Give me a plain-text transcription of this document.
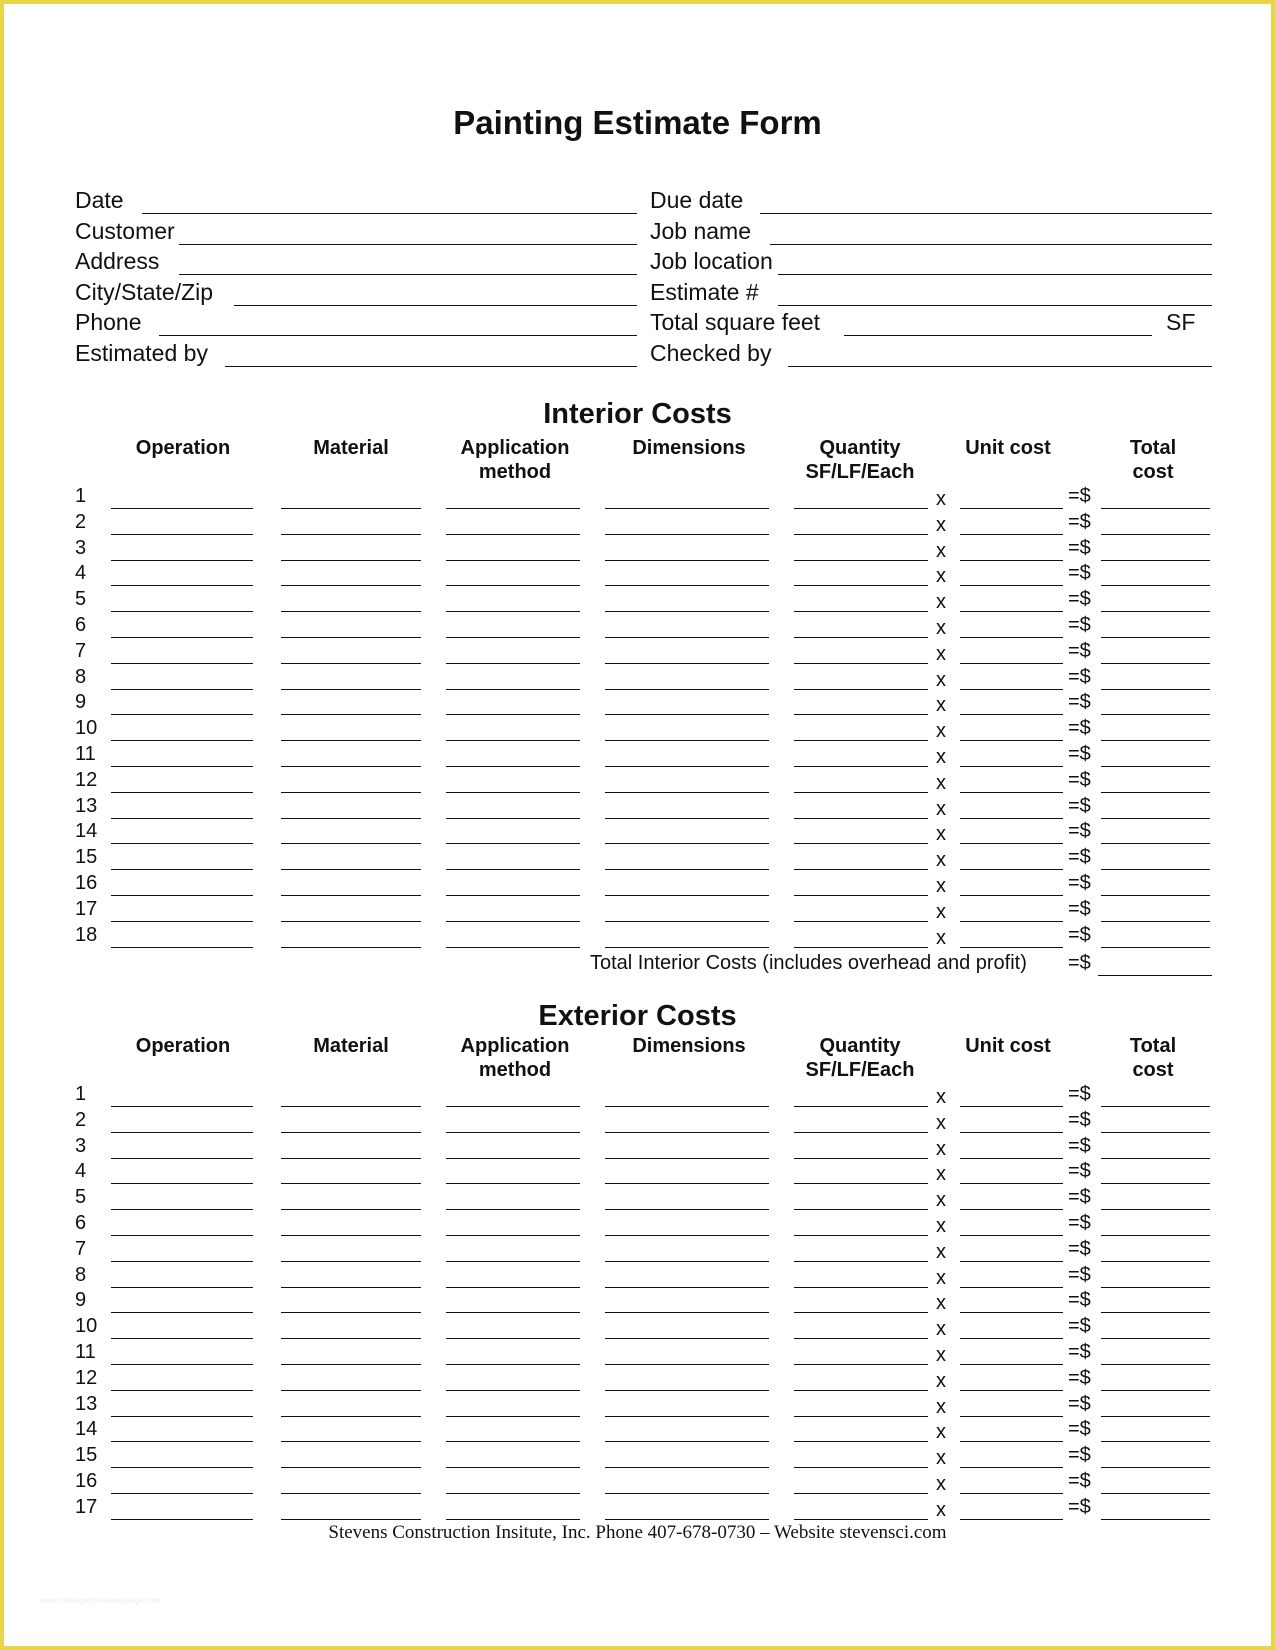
Painting Estimate Form
Date	Due date
Customer	Job name
Address	Job location
City/State/Zip	Estimate #
Phone	Total square feet
Estimated by	Checked by
SF
Interior Costs
Operation	Material	Application
method
Dimensions	Quantity
SF/LF/Each
Unit cost	Total
cost
1	x	=$
2	x	=$
3	x	=$
4	x	=$
5	x	=$
6	x	=$
7	x	=$
8	x	=$
9	x	=$
10	x	=$
11	x	=$
12	x	=$
13	x	=$
14	x	=$
15	x	=$
16	x	=$
17	x	=$
18	x	=$
Total Interior Costs (includes overhead and profit) =$
Exterior Costs
Operation	Material	Application
method
Dimensions	Quantity
SF/LF/Each
Unit cost	Total
cost
1	x	=$
2	x	=$
3	x	=$
4	x	=$
5	x	=$
6	x	=$
7	x	=$
8	x	=$
9	x	=$
10	x	=$
11	x	=$
12	x	=$
13	x	=$
14	x	=$
15	x	=$
16	x	=$
17	x	=$
Stevens Construction Insitute, Inc. Phone 407-678-0730 – Website stevensci.com
www.heritagechristiancollege.com
